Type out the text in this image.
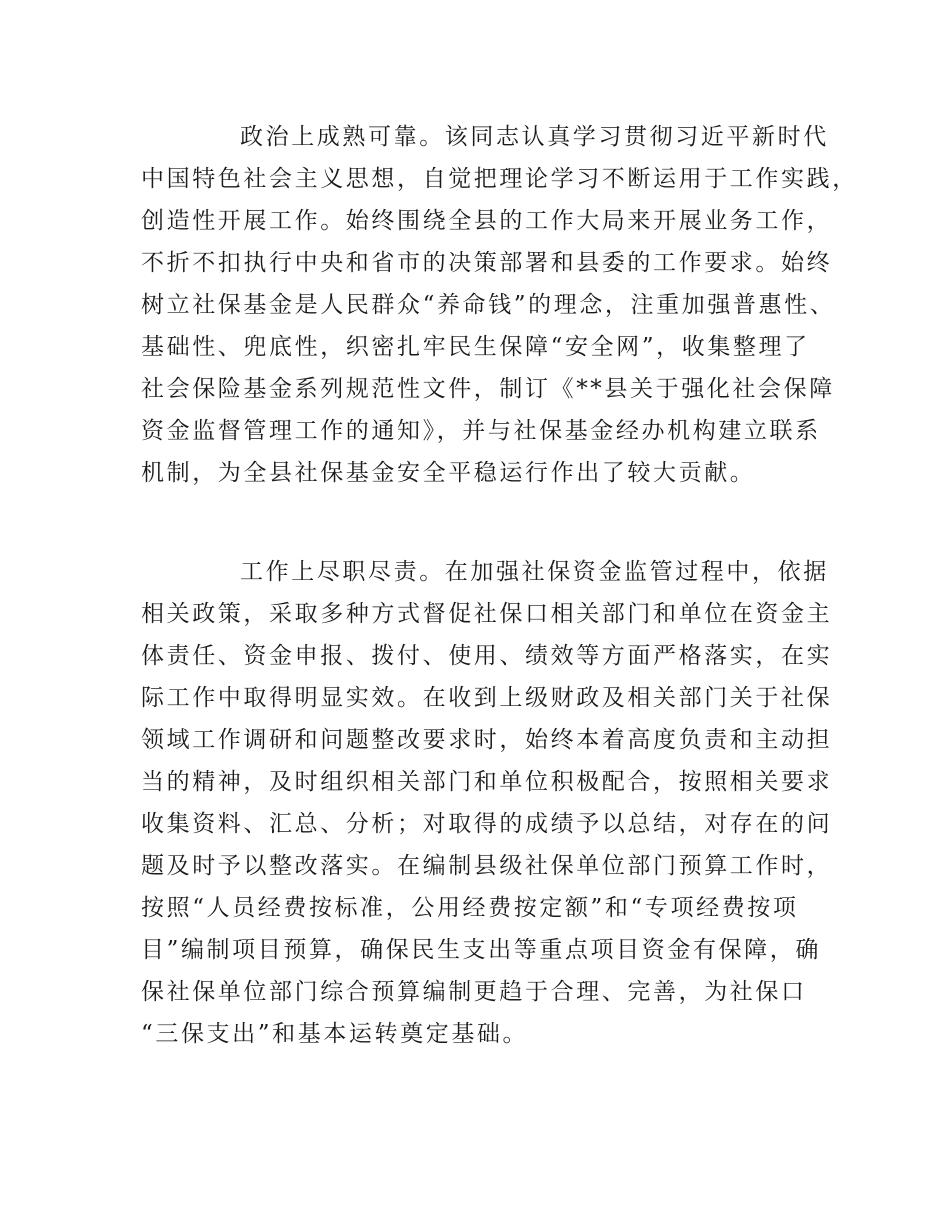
政治上成熟可靠。该同志认真学习贯彻习近平新时代
中国特色社会主义思想，自觉把理论学习不断运用于工作实践，
创造性开展工作。始终围绕全县的工作大局来开展业务工作，
不折不扣执行中央和省市的决策部署和县委的工作要求。始终
树立社保基金是人民群众“养命钱”的理念，注重加强普惠性、
基础性、兜底性，织密扎牢民生保障“安全网”，收集整理了
社会保险基金系列规范性文件，制订《**县关于强化社会保障
资金监督管理工作的通知》，并与社保基金经办机构建立联系
机制，为全县社保基金安全平稳运行作出了较大贡献。
工作上尽职尽责。在加强社保资金监管过程中，依据
相关政策，采取多种方式督促社保口相关部门和单位在资金主
体责任、资金申报、拨付、使用、绩效等方面严格落实，在实
际工作中取得明显实效。在收到上级财政及相关部门关于社保
领域工作调研和问题整改要求时，始终本着高度负责和主动担
当的精神，及时组织相关部门和单位积极配合，按照相关要求
收集资料、汇总、分析；对取得的成绩予以总结，对存在的问
题及时予以整改落实。在编制县级社保单位部门预算工作时，
按照“人员经费按标准，公用经费按定额”和“专项经费按项
目”编制项目预算，确保民生支出等重点项目资金有保障，确
保社保单位部门综合预算编制更趋于合理、完善，为社保口
“三保支出”和基本运转奠定基础。
